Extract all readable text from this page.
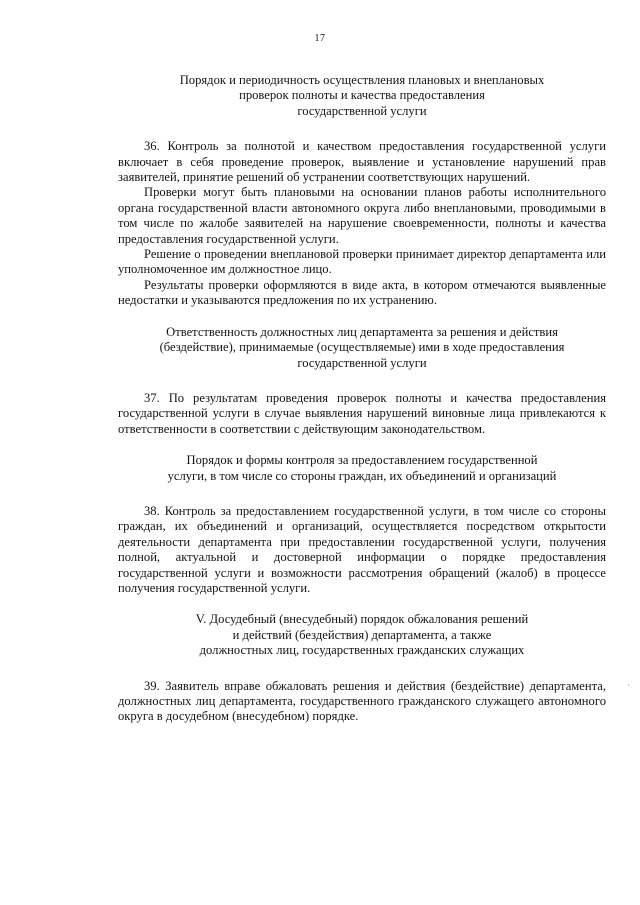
17
Порядок и периодичность осуществления плановых и внеплановых
проверок полноты и качества предоставления
государственной услуги

36. Контроль за полнотой и качеством предоставления государственной услуги включает в себя проведение проверок, выявление и установление нарушений прав заявителей, принятие решений об устранении соответствующих нарушений.

Проверки могут быть плановыми на основании планов работы исполнительного органа государственной власти автономного округа либо внеплановыми, проводимыми в том числе по жалобе заявителей на нарушение своевременности, полноты и качества предоставления государственной услуги.

Решение о проведении внеплановой проверки принимает директор департамента или уполномоченное им должностное лицо.

Результаты проверки оформляются в виде акта, в котором отмечаются выявленные недостатки и указываются предложения по их устранению.

Ответственность должностных лиц департамента за решения и действия
(бездействие), принимаемые (осуществляемые) ими в ходе предоставления
государственной услуги

37. По результатам проведения проверок полноты и качества предоставления государственной услуги в случае выявления нарушений виновные лица привлекаются к ответственности в соответствии с действующим законодательством.

Порядок и формы контроля за предоставлением государственной
услуги, в том числе со стороны граждан, их объединений и организаций

38. Контроль за предоставлением государственной услуги, в том числе со стороны граждан, их объединений и организаций, осуществляется посредством открытости деятельности департамента при предоставлении государственной услуги, получения полной, актуальной и достоверной информации о порядке предоставления государственной услуги и возможности рассмотрения обращений (жалоб) в процессе получения государственной услуги.

V. Досудебный (внесудебный) порядок обжалования решений
и действий (бездействия) департамента, а также
должностных лиц, государственных гражданских служащих

39. Заявитель вправе обжаловать решения и действия (бездействие) департамента, должностных лиц департамента, государственного гражданского служащего автономного округа в досудебном (внесудебном) порядке.

·
